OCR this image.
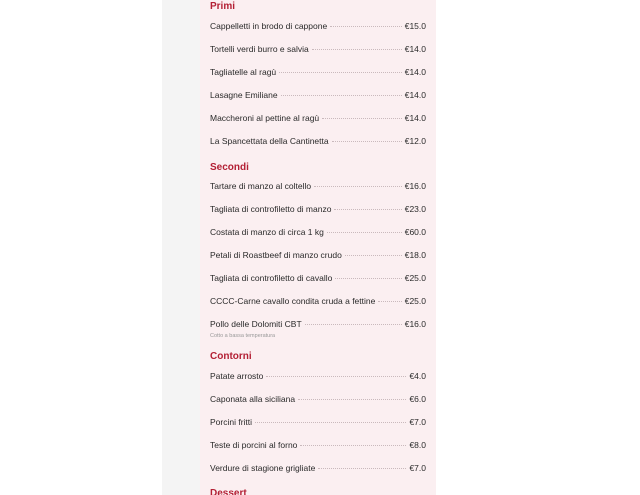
Primi
Cappelletti in brodo di cappone	€15.0
Tortelli verdi burro e salvia	€14.0
Tagliatelle al ragù	€14.0
Lasagne Emiliane	€14.0
Maccheroni al pettine al ragù	€14.0
La Spancettata della Cantinetta	€12.0
Secondi
Tartare di manzo al coltello	€16.0
Tagliata di controfiletto di manzo	€23.0
Costata di manzo di circa 1 kg	€60.0
Petali di Roastbeef di manzo crudo	€18.0
Tagliata di controfiletto di cavallo	€25.0
CCCC-Carne cavallo condita cruda a fettine	€25.0
Pollo delle Dolomiti CBT	€16.0
Cotto a bassa temperatura
Contorni
Patate arrosto	€4.0
Caponata alla siciliana	€6.0
Porcini fritti	€7.0
Teste di porcini al forno	€8.0
Verdure di stagione grigliate	€7.0
Dessert
